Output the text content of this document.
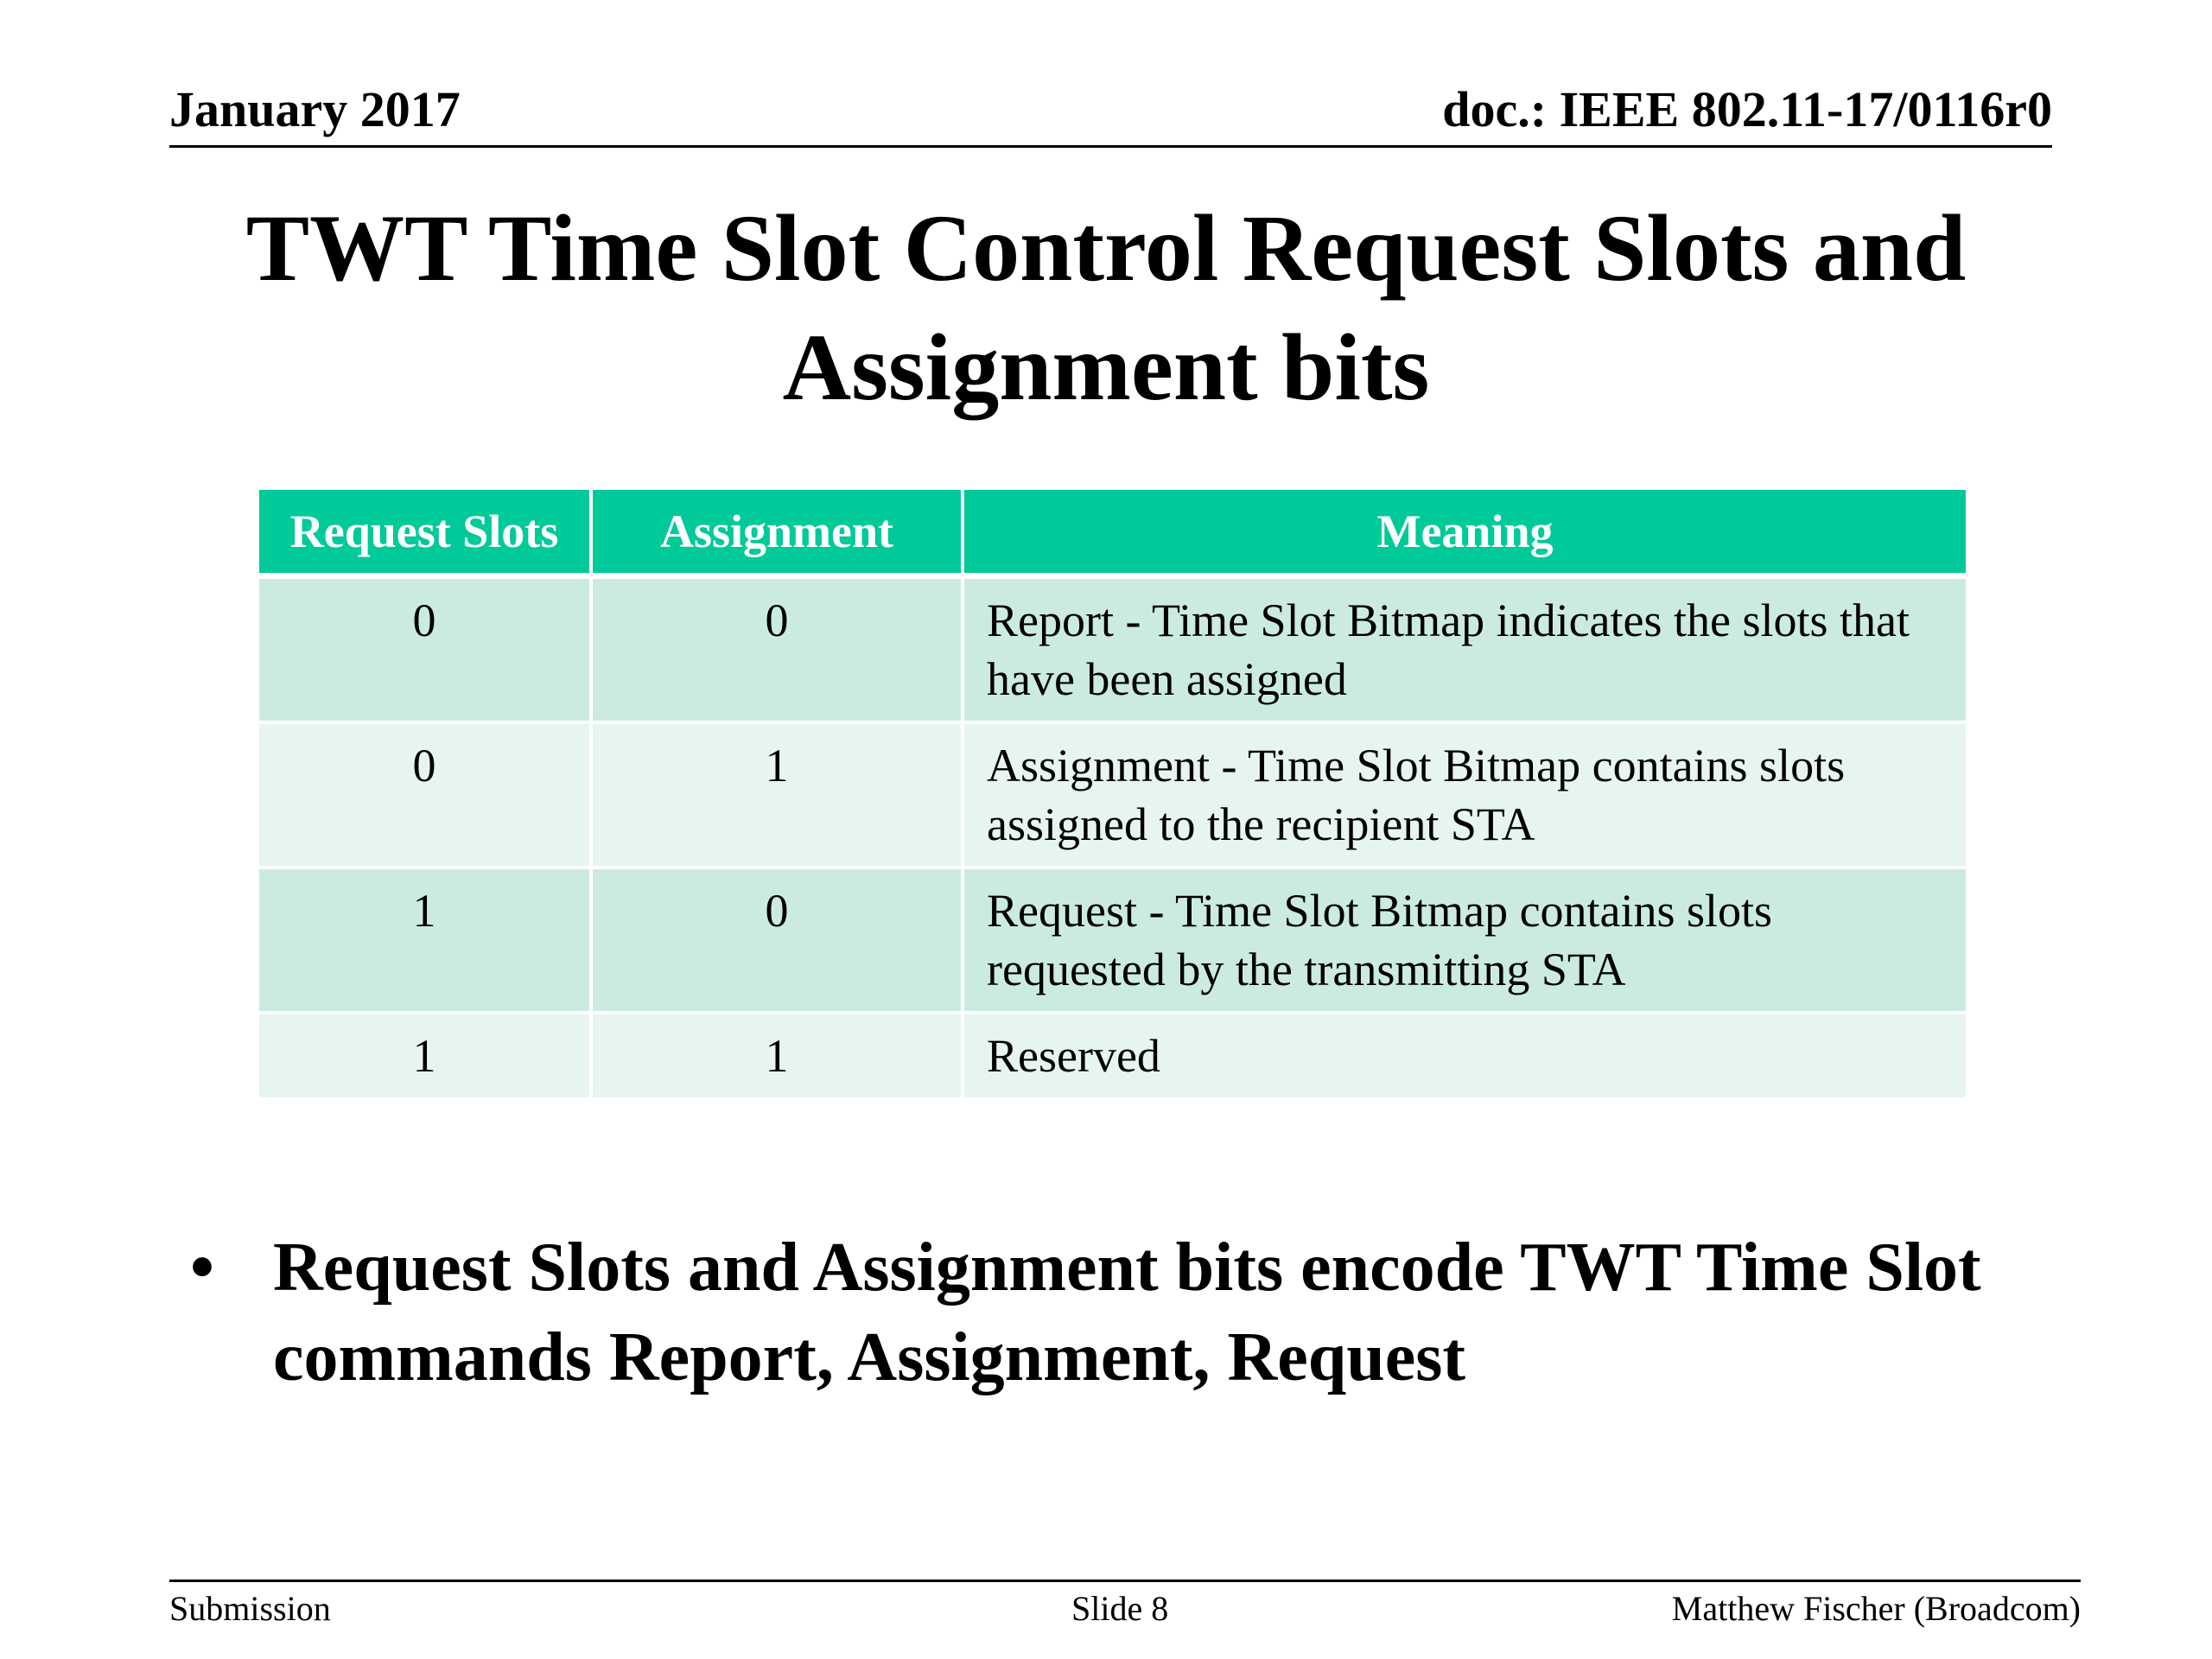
January 2017	doc.: IEEE 802.11-17/0116r0
TWT Time Slot Control Request Slots and
Assignment bits
Request Slots	Assignment	Meaning
0	0	Report - Time Slot Bitmap indicates the slots that have been assigned
0	1	Assignment - Time Slot Bitmap contains slots assigned to the recipient STA
1	0	Request - Time Slot Bitmap contains slots requested by the transmitting STA
1	1	Reserved
• Request Slots and Assignment bits encode TWT Time Slot commands Report, Assignment, Request
Submission	Slide 8	Matthew Fischer (Broadcom)
